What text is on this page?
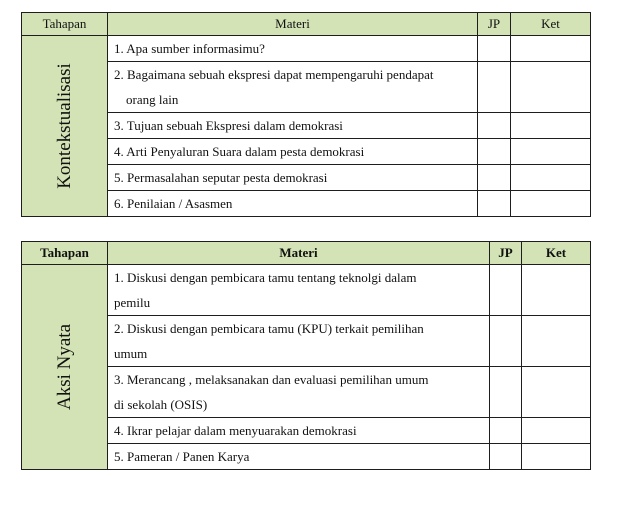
Tahapan	Materi	JP	Ket

Kontekstualisasi	1. Apa sumber informasimu?		

	2. Bagaimana sebuah ekspresi dapat mempengaruhi pendapat
orang lain		

	3. Tujuan sebuah Ekspresi dalam demokrasi		
	4. Arti Penyaluran Suara dalam pesta demokrasi		
	5. Permasalahan seputar pesta demokrasi		
	6. Penilaian / Asasmen		
Tahapan	Materi	JP	Ket

Aksi Nyata	1. Diskusi dengan pembicara tamu tentang teknolgi dalam
pemilu		

	2. Diskusi dengan pembicara tamu (KPU) terkait pemilihan
umum		

	3. Merancang , melaksanakan dan evaluasi pemilihan umum
di sekolah (OSIS)		

	4. Ikrar pelajar dalam menyuarakan demokrasi		
	5. Pameran / Panen Karya		
